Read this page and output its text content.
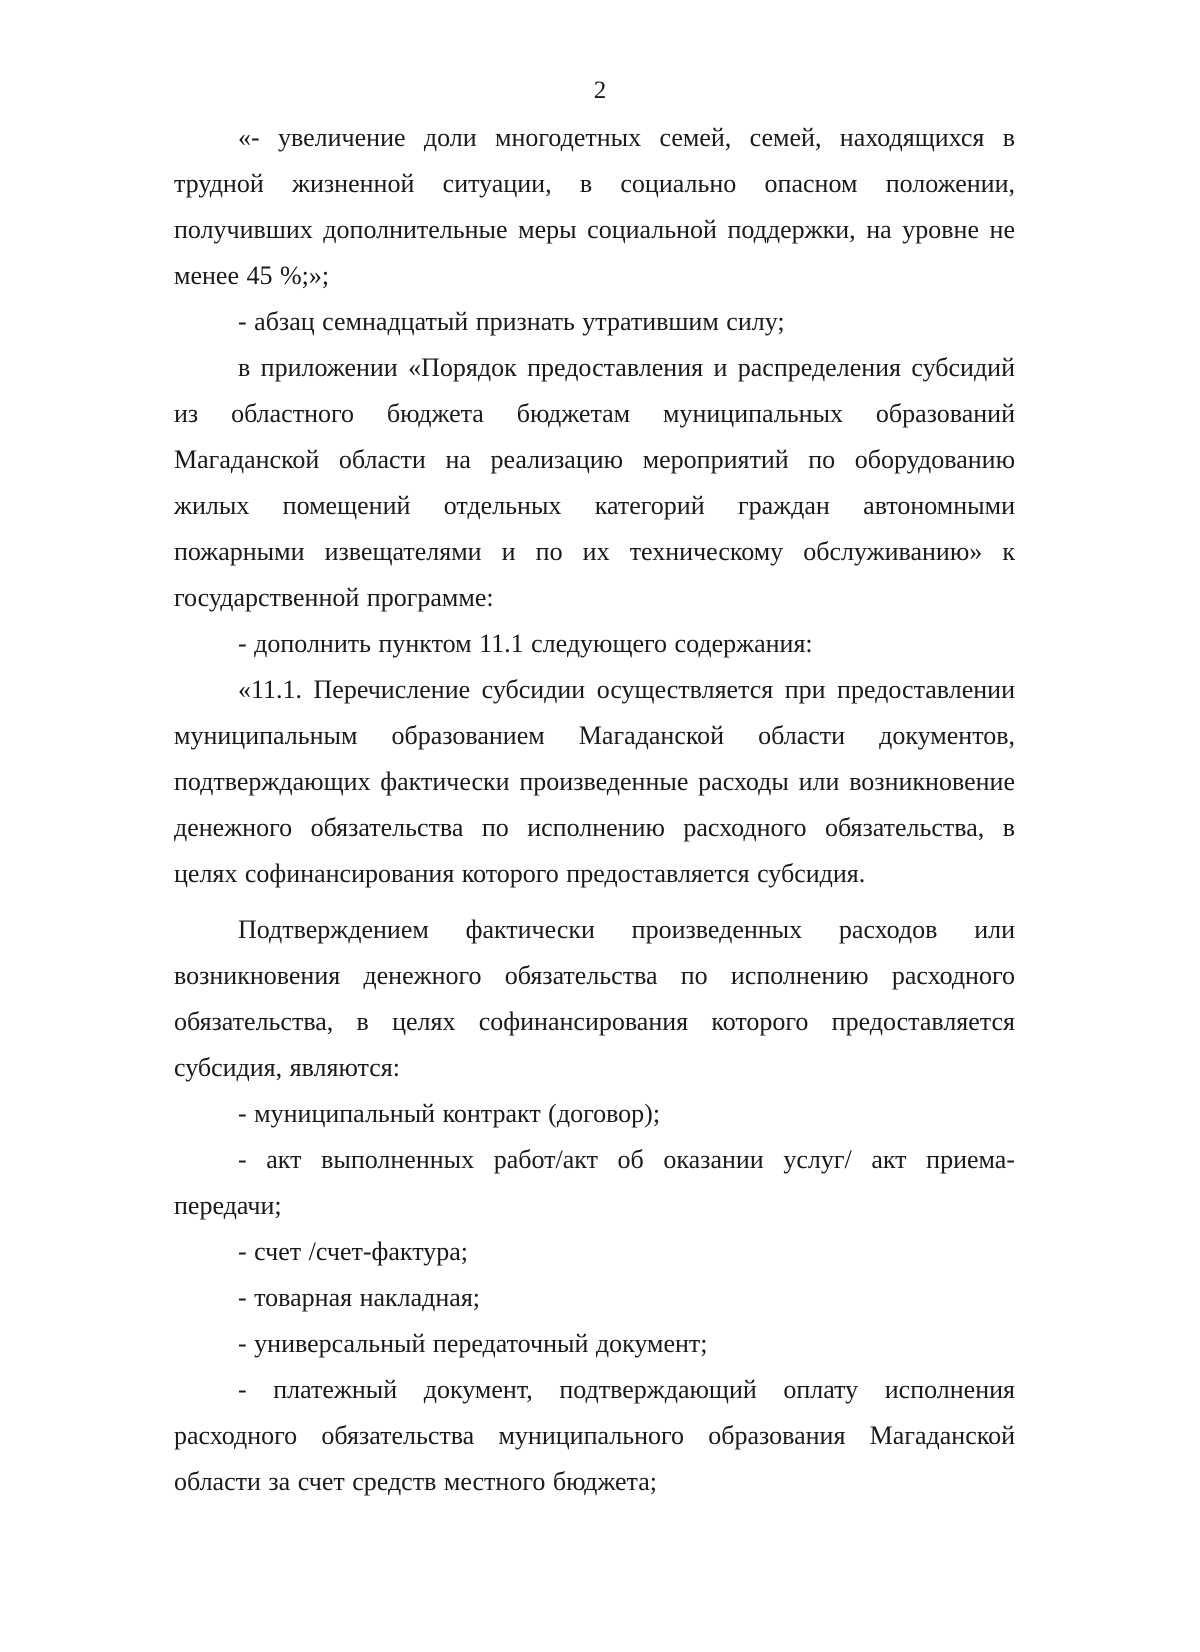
2

«- увеличение доли многодетных семей, семей, находящихся в трудной жизненной ситуации, в социально опасном положении, получивших дополнительные меры социальной поддержки, на уровне не менее 45 %;»;

- абзац семнадцатый признать утратившим силу;

в приложении «Порядок предоставления и распределения субсидий из областного бюджета бюджетам муниципальных образований Магаданской области на реализацию мероприятий по оборудованию жилых помещений отдельных категорий граждан автономными пожарными извещателями и по их техническому обслуживанию» к государственной программе:

- дополнить пунктом 11.1 следующего содержания:

«11.1. Перечисление субсидии осуществляется при предоставлении муниципальным образованием Магаданской области документов, подтверждающих фактически произведенные расходы или возникновение денежного обязательства по исполнению расходного обязательства, в целях софинансирования которого предоставляется субсидия.

Подтверждением фактически произведенных расходов или возникновения денежного обязательства по исполнению расходного обязательства, в целях софинансирования которого предоставляется субсидия, являются:

- муниципальный контракт (договор);

- акт выполненных работ/акт об оказании услуг/ акт приема-передачи;

- счет /счет-фактура;

- товарная накладная;

- универсальный передаточный документ;

- платежный документ, подтверждающий оплату исполнения расходного обязательства муниципального образования Магаданской области за счет средств местного бюджета;
